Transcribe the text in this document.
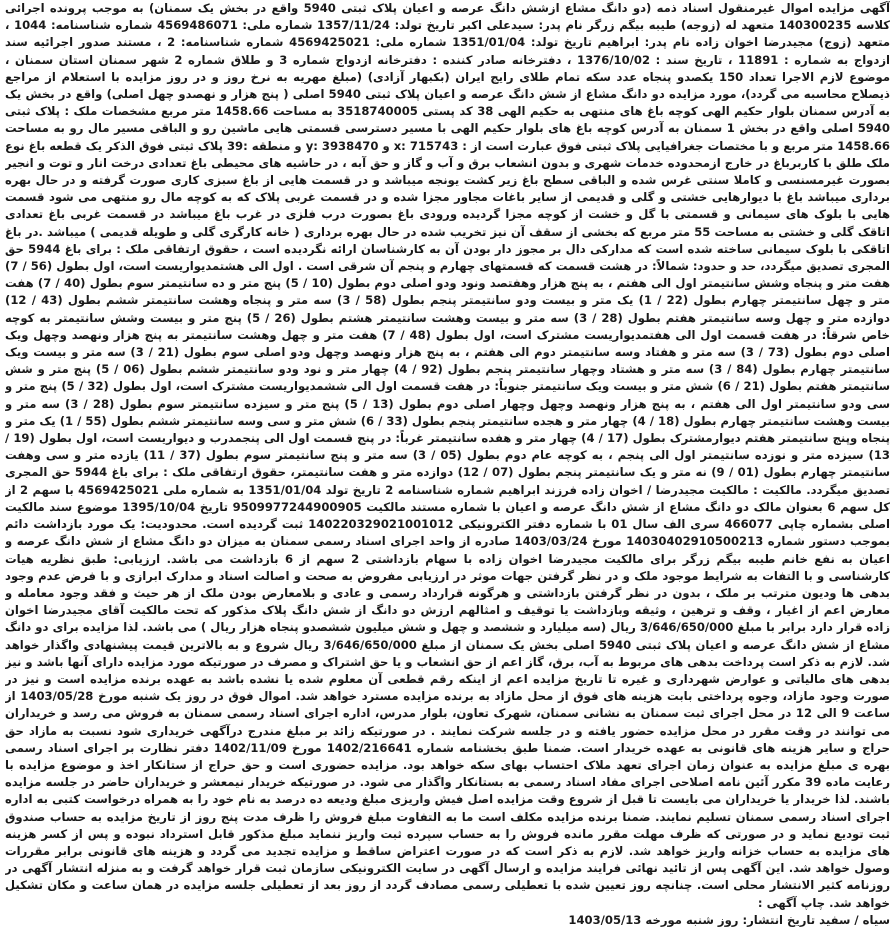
آگهی مزایده اموال غیرمنقول اسناد ذمه (دو دانگ مشاع ازشش دانگ عرصه و اعیان پلاک ثبتی 5940 واقع در بخش یک سمنان) به موجب پرونده اجرائی کلاسه 140300235 متعهد له (زوجه) طیبه بیگم زرگر نام پدر: سیدعلی اکبر تاریخ تولد: 1357/11/24 شماره ملی: 4569486071 شماره شناسنامه: 1044 ، متعهد (زوج) مجیدرضا اخوان زاده نام پدر: ابراهیم تاریخ تولد: 1351/01/04 شماره ملی: 4569425021 شماره شناسنامه: 2 ، مستند صدور اجرائیه سند ازدواج به شماره : 11891 ، تاریخ سند : 1376/10/02 ، دفترخانه صادر کننده : دفترخانه ازدواج شماره 3 و طلاق شماره 2 شهر سمنان استان سمنان ، موضوع لازم الاجرا تعداد 150 یکصدو پنجاه عدد سکه تمام طلای رایج ایران (بکبهار آزادی) (مبلغ مهریه به نرخ روز و در روز مزایده با استعلام از مراجع ذیصلاح محاسبه می گردد)، مورد مزایده دو دانگ مشاع از شش دانگ عرصه و اعیان پلاک ثبتی 5940 اصلی ( پنج هزار و نهصدو چهل اصلی) واقع در بخش یک به آدرس سمنان بلوار حکیم الهی کوچه باغ های منتهی به حکیم الهی 38 کد پستی 3518740005 به مساحت 1458.66 متر مربع مشخصات ملک : پلاک ثبتی 5940 اصلی واقع در بخش 1 سمنان به آدرس کوچه باغ های بلوار حکیم الهی با مسیر دسترسی قسمتی هایی ماشین رو و الباقی مسیر مال رو به مساحت 1458.66 متر مربع و با مختصات جغرافیایی پلاک ثبتی فوق عبارت است از : x: 715743 و y: 3938470 و منطقه :39 پلاک ثبتی فوق الذکر یک قطعه باغ نوع ملک طلق با کاربرباغ در خارج ازمحدوده خدمات شهری و بدون انشعاب برق و آب و گاز و حق آبه ، در حاشیه های محیطی باغ تعدادی درخت انار و توت و انجیر بصورت غیرمسنسی و کاملا سنتی غرس شده و الباقی سطح باغ زیر کشت یونجه میباشد و در قسمت هایی از باغ سبزی کاری صورت گرفته و در حال بهره برداری میباشد باغ با دیوارهایی خشتی و گلی و قدیمی از سایر باغات مجاور مجزا شده و در قسمت غربی پلاک که به کوچه مال رو منتهی می شود قسمت هایی با بلوک های سیمانی و قسمتی با گل و خشت از کوچه مجزا گردیده ورودی باغ بصورت درب فلزی در غرب باغ میباشد در قسمت غربی باغ تعدادی اتاقک گلی و خشتی به مساحت 55 متر مربع که بخشی از سقف آن نیز تخریب شده در حال بهره برداری ( خانه کارگری گلی و طویله قدیمی ) میباشد .در باغ اتاقکی با بلوک سیمانی ساخته شده است که مدارکی دال بر مجوز دار بودن آن به کارشناسان ارائه نگردیده است ، حقوق ارتفاقی ملک : برای باغ 5944 حق المجری تصدیق میگردد، حد و حدود: شمالاً: در هشت قسمت که قسمتهای چهارم و پنجم آن شرقی است . اول الی هشتمدیواریست است، اول بطول (56 / 7) هفت متر و پنجاه وشش سانتیمتر اول الی هفتم ، به پنج هزار وهفتصد ونود ودو اصلی دوم بطول (10 / 5) پنج متر و ده سانتیمتر سوم بطول (40 / 7) هفت متر و چهل سانتیمتر چهارم بطول (22 / 1) یک متر و بیست ودو سانتیمتر پنجم بطول (58 / 3) سه متر و پنجاه وهشت سانتیمتر ششم بطول (43 / 12) دوازده متر و چهل وسه سانتیمتر هفتم بطول (28 / 3) سه متر و بیست وهشت سانتیمتر هشتم بطول (26 / 5) پنج متر و بیست وشش سانتیمتر به کوچه خاص شرقاً: در هفت قسمت اول الی هفتمدیواریست مشترک است، اول بطول (48 / 7) هفت متر و چهل وهشت سانتیمتر به پنج هزار ونهصد وچهل ویک اصلی دوم بطول (73 / 3) سه متر و هفتاد وسه سانتیمتر دوم الی هفتم ، به پنج هزار ونهصد وچهل ودو اصلی سوم بطول (21 / 3) سه متر و بیست ویک سانتیمتر چهارم بطول (84 / 3) سه متر و هشتاد وچهار سانتیمتر پنجم بطول (92 / 4) چهار متر و نود ودو سانتیمتر ششم بطول (06 / 5) پنج متر و شش سانتیمتر هفتم بطول (21 / 6) شش متر و بیست ویک سانتیمتر جنوباً: در هفت قسمت اول الی ششمدیواریست مشترک است، اول بطول (32 / 5) پنج متر و سی ودو سانتیمتر اول الی هفتم ، به پنج هزار ونهصد وچهل وچهار اصلی دوم بطول (13 / 5) پنج متر و سیزده سانتیمتر سوم بطول (28 / 3) سه متر و بیست وهشت سانتیمتر چهارم بطول (18 / 4) چهار متر و هجده سانتیمتر پنجم بطول (33 / 6) شش متر و سی وسه سانتیمتر ششم بطول (55 / 1) یک متر و پنجاه وپنج سانتیمتر هفتم دیوارمشترک بطول (17 / 4) چهار متر و هفده سانتیمتر غرباً: در پنج قسمت اول الی پنجمدرب و دیواریست است، اول بطول (19 / 13) سیزده متر و نوزده سانتیمتر اول الی پنجم ، به کوچه عام دوم بطول (05 / 3) سه متر و پنج سانتیمتر سوم بطول (37 / 11) یازده متر و سی وهفت سانتیمتر چهارم بطول (01 / 9) نه متر و یک سانتیمتر پنجم بطول (07 / 12) دوازده متر و هفت سانتیمتر، حقوق ارتفاقی ملک : برای باغ 5944 حق المجری تصدیق میگردد. مالکیت : مالکیت مجیدرضا / اخوان زاده فرزند ابراهیم شماره شناسنامه 2 تاریخ تولد 1351/01/04 به شماره ملی 4569425021 با سهم 2 از کل سهم 6 بعنوان مالک دو دانگ مشاع از شش دانگ عرصه و اعیان با شماره مستند مالکیت 9509977244900905 تاریخ 1395/10/04 موضوع سند مالکیت اصلی بشماره چاپی 466077 سری الف سال 01 با شماره دفتر الکترونیکی 140220329021001012 ثبت گردیده است. محدودیت: یک مورد بازداشت دائم بموجب دستور شماره 14030402910500213 مورخ 1403/03/24 صادره از واحد اجرای اسناد رسمی سمنان به میزان دو دانگ مشاع از شش دانگ عرصه و اعیان به نفع خانم طیبه بیگم زرگر برای مالکیت مجیدرضا اخوان زاده با سهام بازداشتی 2 سهم از 6 بازداشت می باشد. ارزیابی: طبق نظریه هیات کارشناسی و با التفات به شرایط موجود ملک و در نظر گرفتن جهات موثر در ارزیابی مفروض به صحت و اصالت اسناد و مدارک ابرازی و با فرض عدم وجود بدهی ها ودیون مترتب بر ملک ، بدون در نظر گرفتن بازداشتی و هرگونه قرارداد رسمی و عادی و بلامعارض بودن ملک از هر حیث و فقد وجود معامله و معارض اعم از اغیار ، وقف و ترهین ، وثیقه وبازداشت یا توقیف و امثالهم ارزش دو دانگ از شش دانگ پلاک مذکور که تحت مالکیت آقای مجیدرضا اخوان زاده قرار دارد برابر با مبلغ 3/646/650/000 ریال (سه میلیارد و ششصد و چهل و شش میلیون ششصدو پنجاه هزار ریال ) می باشد. لذا مزایده برای دو دانگ مشاع از شش دانگ عرصه و اعیان پلاک ثبتی 5940 اصلی بخش یک سمنان از مبلغ 3/646/650/000 ریال شروع و به بالاترین قیمت پیشنهادی واگذار خواهد شد. لازم به ذکر است پرداخت بدهی های مربوط به آب، برق، گاز اعم از حق انشعاب و یا حق اشتراک و مصرف در صورتیکه مورد مزایده دارای آنها باشد و نیز بدهی های مالیاتی و عوارض شهرداری و غیره تا تاریخ مزایده اعم از اینکه رقم قطعی آن معلوم شده یا نشده باشد به عهده برنده مزایده است و نیز در صورت وجود مازاد، وجوه پرداختی بابت هزینه های فوق از محل مازاد به برنده مزایده مسترد خواهد شد. اموال فوق در روز یک شنبه مورخ 1403/05/28 از ساعت 9 الی 12 در محل اجرای ثبت سمنان به نشانی سمنان، شهرک تعاون، بلوار مدرس، اداره اجرای اسناد رسمی سمنان به فروش می رسد و خریداران می توانند در وقت مقرر در محل مزایده حضور یافته و در جلسه شرکت نمایند . در صورتیکه زائد بر مبلغ مندرج درآگهی خریداری شود نسبت به مازاد حق حراج و سایر هزینه های قانونی به عهده خریدار است. ضمنا طبق بخشنامه شماره 1402/216641 مورخ 1402/11/09 دفتر نظارت بر اجرای اسناد رسمی بهره ی مبلغ مزایده به عنوان زمان اجرای تعهد ملاک احتساب بهای سکه خواهد بود. مزایده حضوری است و حق حراج از ستانکار اخذ و موضوع مزایده با رعایت ماده 39 مکرر آئین نامه اصلاحی اجرای مفاد اسناد رسمی به بستانکار واگذار می شود. در صورتیکه خریدار نیمعشر و خریداران حاضر در جلسه مزایده باشند. لذا خریدار یا خریداران می بایست تا قبل از شروع وقت مزایده اصل فیش واریزی مبلغ ودیعه ده درصد به نام خود را به همراه درخواست کتبی به اداره اجرای اسناد رسمی سمنان تسلیم نمایند. ضمنا برنده مزایده مکلف است ما به التفاوت مبلغ فروش را ظرف مدت پنج روز از تاریخ مزایده به حساب صندوق ثبت تودیع نماید و در صورتی که ظرف مهلت مقرر مانده فروش را به حساب سپرده ثبت واریز ننماید مبلغ مذکور قابل استرداد نبوده و پس از کسر هزینه های مزایده به حساب خزانه واریز خواهد شد. لازم به ذکر است که در صورت اعتراض ساقط و مزایده تجدید می گردد و هزینه های قانونی برابر مقررات وصول خواهد شد. این آگهی پس از تائید نهائی فرایند مزایده و ارسال آگهی در سایت الکترونیکی سازمان ثبت قرار خواهد گرفت و به منزله انتشار آگهی در روزنامه کثیر الانتشار محلی است. چنانچه روز تعیین شده با تعطیلی رسمی مصادف گردد از روز بعد از تعطیلی جلسه مزایده در همان ساعت و مکان تشکیل خواهد شد. چاپ آگهی :
سیاه / سفید تاریخ انتشار: روز شنبه مورخه 1403/05/13
